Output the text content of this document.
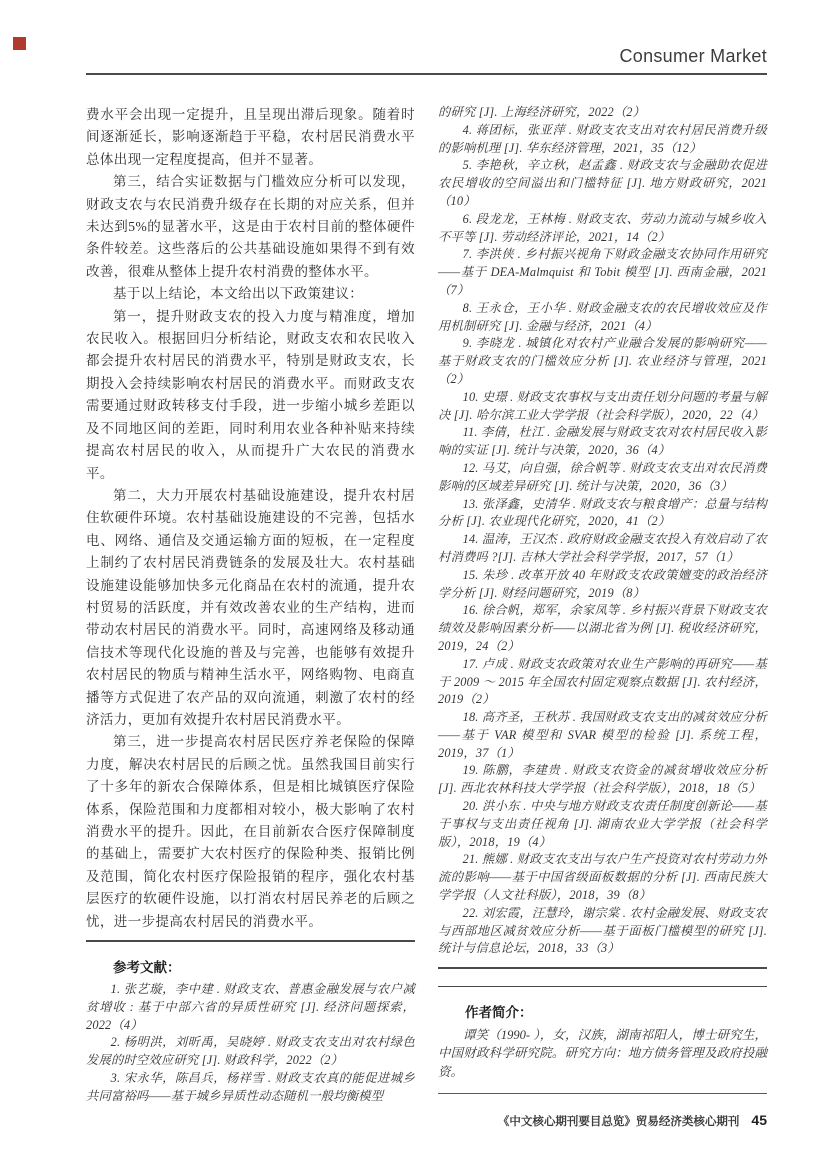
Consumer Market

费水平会出现一定提升，且呈现出滞后现象。随着时间逐渐延长，影响逐渐趋于平稳，农村居民消费水平总体出现一定程度提高，但并不显著。

第三，结合实证数据与门槛效应分析可以发现，财政支农与农民消费升级存在长期的对应关系，但并未达到5%的显著水平，这是由于农村目前的整体硬件条件较差。这些落后的公共基础设施如果得不到有效改善，很难从整体上提升农村消费的整体水平。

基于以上结论，本文给出以下政策建议：

第一，提升财政支农的投入力度与精准度，增加农民收入。根据回归分析结论，财政支农和农民收入都会提升农村居民的消费水平，特别是财政支农，长期投入会持续影响农村居民的消费水平。而财政支农需要通过财政转移支付手段，进一步缩小城乡差距以及不同地区间的差距，同时利用农业各种补贴来持续提高农村居民的收入，从而提升广大农民的消费水平。

第二，大力开展农村基础设施建设，提升农村居住软硬件环境。农村基础设施建设的不完善，包括水电、网络、通信及交通运输方面的短板，在一定程度上制约了农村居民消费链条的发展及壮大。农村基础设施建设能够加快多元化商品在农村的流通，提升农村贸易的活跃度，并有效改善农业的生产结构，进而带动农村居民的消费水平。同时，高速网络及移动通信技术等现代化设施的普及与完善，也能够有效提升农村居民的物质与精神生活水平，网络购物、电商直播等方式促进了农产品的双向流通，刺激了农村的经济活力，更加有效提升农村居民消费水平。

第三，进一步提高农村居民医疗养老保险的保障力度，解决农村居民的后顾之忧。虽然我国目前实行了十多年的新农合保障体系，但是相比城镇医疗保险体系，保险范围和力度都相对较小，极大影响了农村消费水平的提升。因此，在目前新农合医疗保障制度的基础上，需要扩大农村医疗的保险种类、报销比例及范围，简化农村医疗保险报销的程序，强化农村基层医疗的软硬件设施，以打消农村居民养老的后顾之忧，进一步提高农村居民的消费水平。

参考文献：

1. 张艺璇，李中建 . 财政支农、普惠金融发展与农户减贫增收 : 基于中部六省的异质性研究 [J]. 经济问题探索，2022（4）

2. 杨明洪，刘昕禹，吴晓婷 . 财政支农支出对农村绿色发展的时空效应研究 [J]. 财政科学，2022（2）

3. 宋永华，陈昌兵，杨祥雪 . 财政支农真的能促进城乡共同富裕吗——基于城乡异质性动态随机一般均衡模型

的研究 [J]. 上海经济研究，2022（2）

4. 蒋团标，张亚萍 . 财政支农支出对农村居民消费升级的影响机理 [J]. 华东经济管理，2021，35（12）

5. 李艳秋，辛立秋，赵孟鑫 . 财政支农与金融助农促进农民增收的空间溢出和门槛特征 [J]. 地方财政研究，2021（10）

6. 段龙龙，王林梅 . 财政支农、劳动力流动与城乡收入不平等 [J]. 劳动经济评论，2021，14（2）

7. 李洪侠 . 乡村振兴视角下财政金融支农协同作用研究——基于 DEA-Malmquist 和 Tobit 模型 [J]. 西南金融，2021（7）

8. 王永仓，王小华 . 财政金融支农的农民增收效应及作用机制研究 [J]. 金融与经济，2021（4）

9. 李晓龙 . 城镇化对农村产业融合发展的影响研究——基于财政支农的门槛效应分析 [J]. 农业经济与管理，2021（2）

10. 史璟 . 财政支农事权与支出责任划分问题的考量与解决 [J]. 哈尔滨工业大学学报（社会科学版），2020，22（4）

11. 李倩，杜江 . 金融发展与财政支农对农村居民收入影响的实证 [J]. 统计与决策，2020，36（4）

12. 马艾，向自强，徐合帆等 . 财政支农支出对农民消费影响的区域差异研究 [J]. 统计与决策，2020，36（3）

13. 张泽鑫，史清华 . 财政支农与粮食增产：总量与结构分析 [J]. 农业现代化研究，2020，41（2）

14. 温涛，王汉杰 . 政府财政金融支农投入有效启动了农村消费吗 ?[J]. 吉林大学社会科学学报，2017，57（1）

15. 朱珍 . 改革开放 40 年财政支农政策嬗变的政治经济学分析 [J]. 财经问题研究，2019（8）

16. 徐合帆，郑军，余家凤等 . 乡村振兴背景下财政支农绩效及影响因素分析——以湖北省为例 [J]. 税收经济研究，2019，24（2）

17. 卢成 . 财政支农政策对农业生产影响的再研究——基于 2009 ～ 2015 年全国农村固定观察点数据 [J]. 农村经济，2019（2）

18. 高齐圣，王秋苏 . 我国财政支农支出的减贫效应分析——基于 VAR 模型和 SVAR 模型的检验 [J]. 系统工程，2019，37（1）

19. 陈鹏，李建贵 . 财政支农资金的减贫增收效应分析 [J]. 西北农林科技大学学报（社会科学版），2018，18（5）

20. 洪小东 . 中央与地方财政支农责任制度创新论——基于事权与支出责任视角 [J]. 湖南农业大学学报（社会科学版），2018，19（4）

21. 熊娜 . 财政支农支出与农户生产投资对农村劳动力外流的影响——基于中国省级面板数据的分析 [J]. 西南民族大学学报（人文社科版），2018，39（8）

22. 刘宏霞，汪慧玲，谢宗棠 . 农村金融发展、财政支农与西部地区减贫效应分析——基于面板门槛模型的研究 [J]. 统计与信息论坛，2018，33（3）

作者简介：

谭笑（1990- ），女，汉族，湖南祁阳人，博士研究生，中国财政科学研究院。研究方向：地方债务管理及政府投融资。

《中文核心期刊要目总览》贸易经济类核心期刊 45
